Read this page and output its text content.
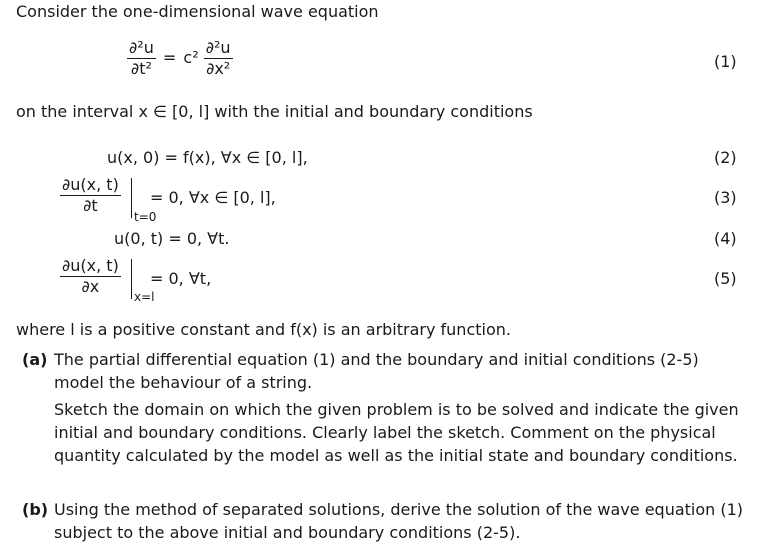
Consider the one-dimensional wave equation
$\frac{\text{∂²u}}{\text{∂t²}} = c^2 \frac{\text{∂²u}}{\text{∂x²}}$	(1)
on the interval x ∈ [0, l] with the initial and boundary conditions
u(x, 0) = f(x), ∀x ∈ [0, l],	(2)
$\frac{\partial u(x, t)}{\partial t}$
t=0
= 0, ∀x ∈ [0, l],	(3)
u(0, t) = 0, ∀t.	(4)
$\frac{\partial u(x, t)}{\partial x} x=l$
= 0, ∀t,	(5)
where l is a positive constant and f(x) is an arbitrary function.
(a) The partial differential equation (1) and the boundary and initial conditions (2-5) model the behaviour of a string.
Sketch the domain on which the given problem is to be solved and indicate the given initial and boundary conditions. Clearly label the sketch. Comment on the physical quantity calculated by the model as well as the initial state and boundary conditions.
(b) Using the method of separated solutions, derive the solution of the wave equation (1) subject to the above initial and boundary conditions (2-5).
